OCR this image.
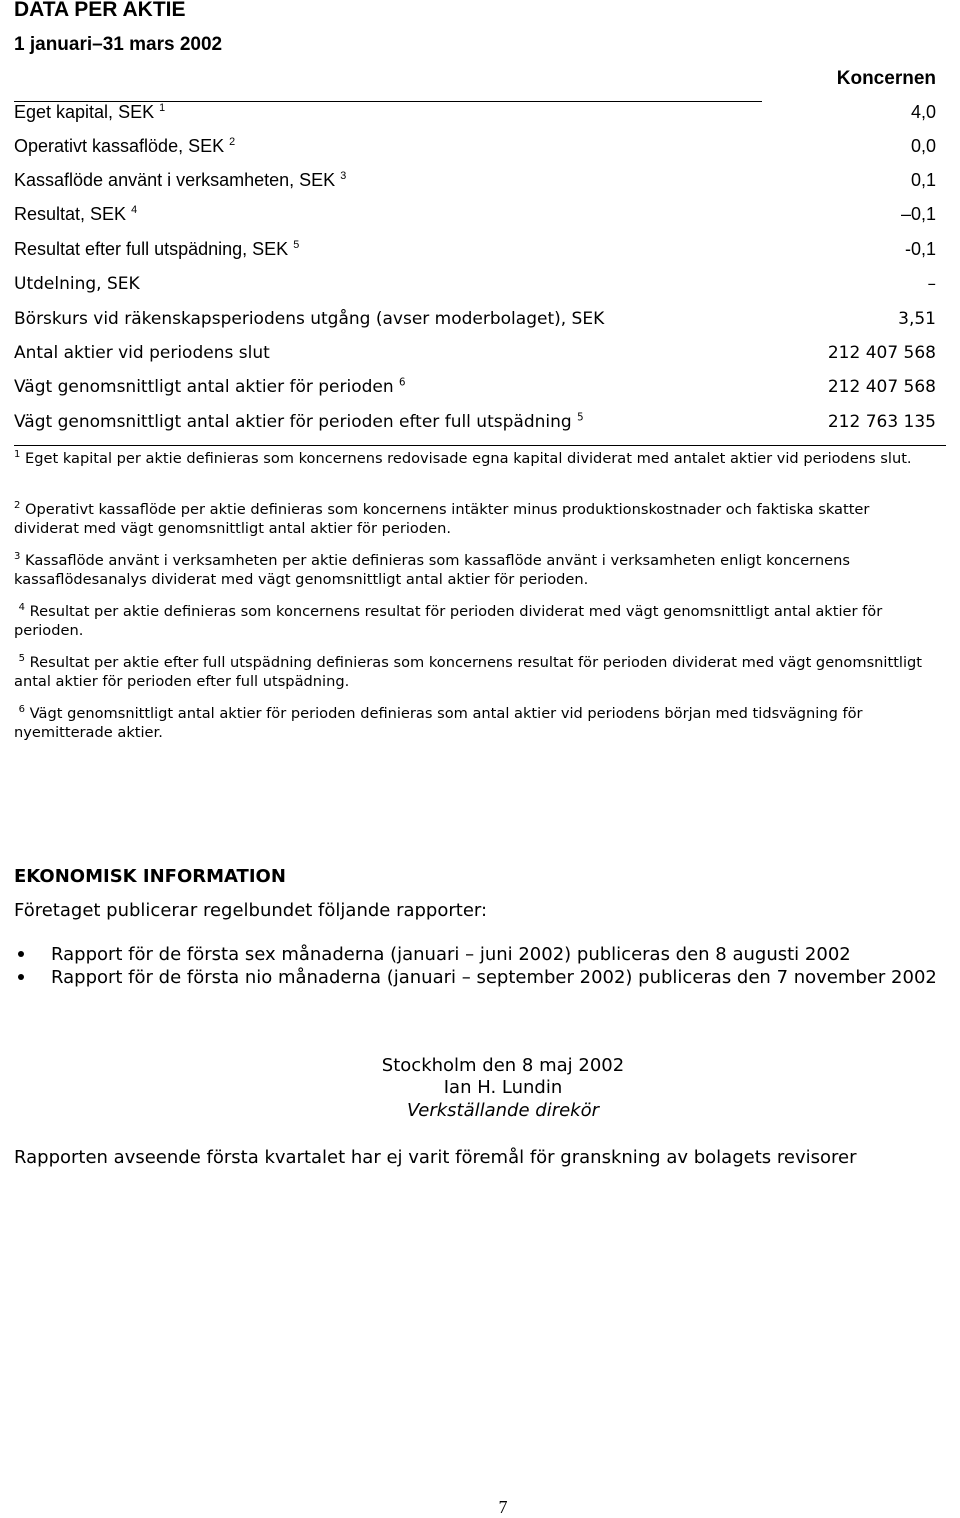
DATA PER AKTIE
1 januari–31 mars 2002
Koncernen
Eget kapital, SEK $^1$	4,0
Operativt kassaflöde, SEK $^2$	0,0
Kassaflöde använt i verksamheten, SEK $^3$	0,1
Resultat, SEK $^4$	–0,1
Resultat efter full utspädning, SEK $^5$	-0,1
Utdelning, SEK	–
Börskurs vid räkenskapsperiodens utgång (avser moderbolaget), SEK	3,51
Antal aktier vid periodens slut	212 407 568
Vägt genomsnittligt antal aktier för perioden $^6$	212 407 568
Vägt genomsnittligt antal aktier för perioden efter full utspädning $^5$	212 763 135
$^1$ Eget kapital per aktie definieras som koncernens redovisade egna kapital dividerat med antalet aktier vid periodens slut.
$^2$ Operativt kassaflöde per aktie definieras som koncernens intäkter minus produktionskostnader och faktiska skatter dividerat med vägt genomsnittligt antal aktier för perioden.
$^3$ Kassaflöde använt i verksamheten per aktie definieras som kassaflöde använt i verksamheten enligt koncernens kassaflödesanalys dividerat med vägt genomsnittligt antal aktier för perioden.
$^4$ Resultat per aktie definieras som koncernens resultat för perioden dividerat med vägt genomsnittligt antal aktier för perioden.
$^5$ Resultat per aktie efter full utspädning definieras som koncernens resultat för perioden dividerat med vägt genomsnittligt antal aktier för perioden efter full utspädning.
$^6$ Vägt genomsnittligt antal aktier för perioden definieras som antal aktier vid periodens början med tidsvägning för nyemitterade aktier.
EKONOMISK INFORMATION
Företaget publicerar regelbundet följande rapporter:
Rapport för de första sex månaderna (januari – juni 2002) publiceras den 8 augusti 2002
Rapport för de första nio månaderna (januari – september 2002) publiceras den 7 november 2002
Stockholm den 8 maj 2002
Ian H. Lundin
Verkställande direkör
Rapporten avseende första kvartalet har ej varit föremål för granskning av bolagets revisorer
7
